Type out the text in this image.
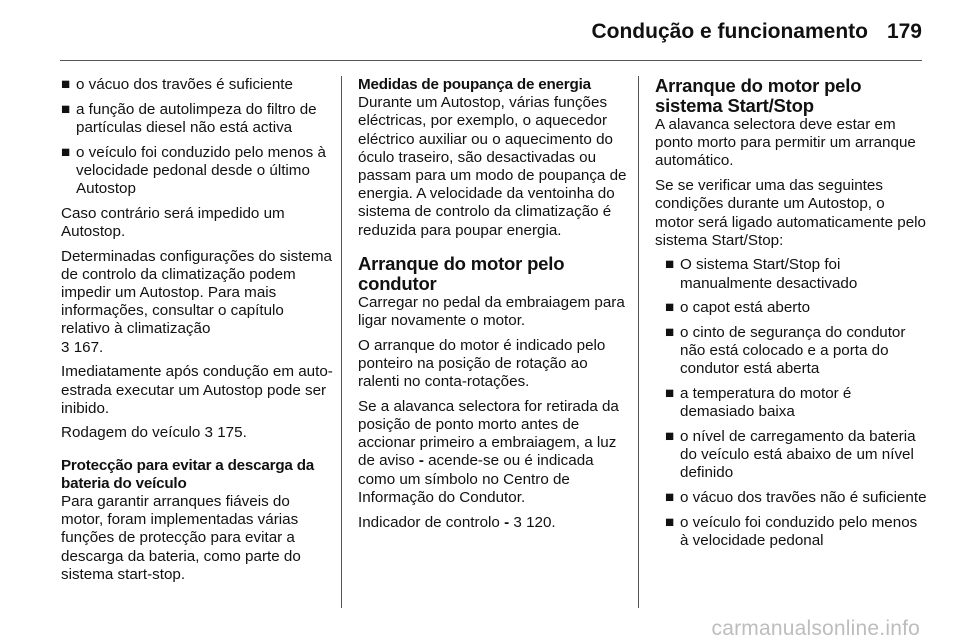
Condução e funcionamento 179
■ o vácuo dos travões é suficiente
■ a função de autolimpeza do filtro de partículas diesel não está activa
■ o veículo foi conduzido pelo menos à velocidade pedonal desde o último Autostop

Caso contrário será impedido um Autostop.

Determinadas configurações do sistema de controlo da climatização podem impedir um Autostop. Para mais informações, consultar o capítulo relativo à climatização
3 167.

Imediatamente após condução em auto-estrada executar um Autostop pode ser inibido.

Rodagem do veículo 3 175.

Protecção para evitar a descarga da bateria do veículo

Para garantir arranques fiáveis do motor, foram implementadas várias funções de protecção para evitar a descarga da bateria, como parte do sistema start-stop.

Medidas de poupança de energia

Durante um Autostop, várias funções eléctricas, por exemplo, o aquecedor eléctrico auxiliar ou o aquecimento do óculo traseiro, são desactivadas ou passam para um modo de poupança de energia. A velocidade da ventoinha do sistema de controlo da climatização é reduzida para poupar energia.

Arranque do motor pelo condutor

Carregar no pedal da embraiagem para ligar novamente o motor.

O arranque do motor é indicado pelo ponteiro na posição de rotação ao ralenti no conta-rotações.

Se a alavanca selectora for retirada da posição de ponto morto antes de accionar primeiro a embraiagem, a luz de aviso - acende-se ou é indicada como um símbolo no Centro de Informação do Condutor.

Indicador de controlo - 3 120.

Arranque do motor pelo sistema Start/Stop

A alavanca selectora deve estar em ponto morto para permitir um arranque automático.

Se se verificar uma das seguintes condições durante um Autostop, o motor será ligado automaticamente pelo sistema Start/Stop:

■ O sistema Start/Stop foi manualmente desactivado
■ o capot está aberto
■ o cinto de segurança do condutor não está colocado e a porta do condutor está aberta
■ a temperatura do motor é demasiado baixa
■ o nível de carregamento da bateria do veículo está abaixo de um nível definido
■ o vácuo dos travões não é suficiente
■ o veículo foi conduzido pelo menos à velocidade pedonal
carmanualsonline.info
